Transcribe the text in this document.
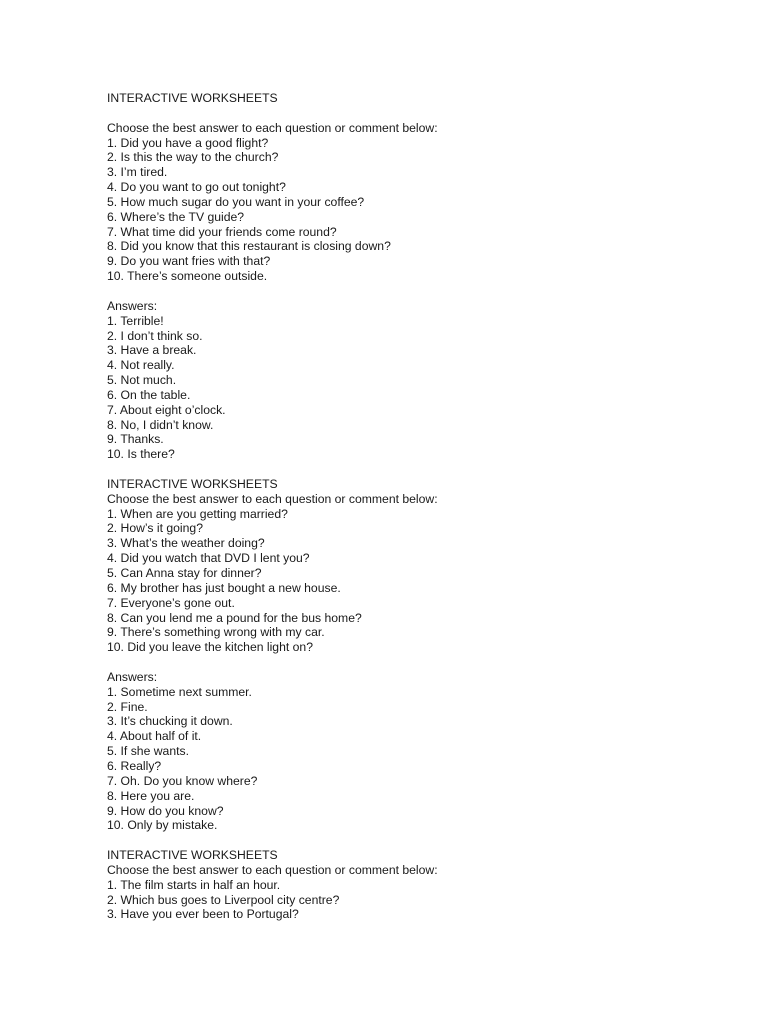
INTERACTIVE WORKSHEETS
Choose the best answer to each question or comment below:
1. Did you have a good flight?
2. Is this the way to the church?
3. I’m tired.
4. Do you want to go out tonight?
5. How much sugar do you want in your coffee?
6. Where’s the TV guide?
7. What time did your friends come round?
8. Did you know that this restaurant is closing down?
9. Do you want fries with that?
10. There’s someone outside.
Answers:
1. Terrible!
2. I don’t think so.
3. Have a break.
4. Not really.
5. Not much.
6. On the table.
7. About eight o’clock.
8. No, I didn’t know.
9. Thanks.
10. Is there?
INTERACTIVE WORKSHEETS
Choose the best answer to each question or comment below:
1. When are you getting married?
2. How’s it going?
3. What’s the weather doing?
4. Did you watch that DVD I lent you?
5. Can Anna stay for dinner?
6. My brother has just bought a new house.
7. Everyone’s gone out.
8. Can you lend me a pound for the bus home?
9. There’s something wrong with my car.
10. Did you leave the kitchen light on?
Answers:
1. Sometime next summer.
2. Fine.
3. It’s chucking it down.
4. About half of it.
5. If she wants.
6. Really?
7. Oh. Do you know where?
8. Here you are.
9. How do you know?
10. Only by mistake.
INTERACTIVE WORKSHEETS
Choose the best answer to each question or comment below:
1. The film starts in half an hour.
2. Which bus goes to Liverpool city centre?
3. Have you ever been to Portugal?
